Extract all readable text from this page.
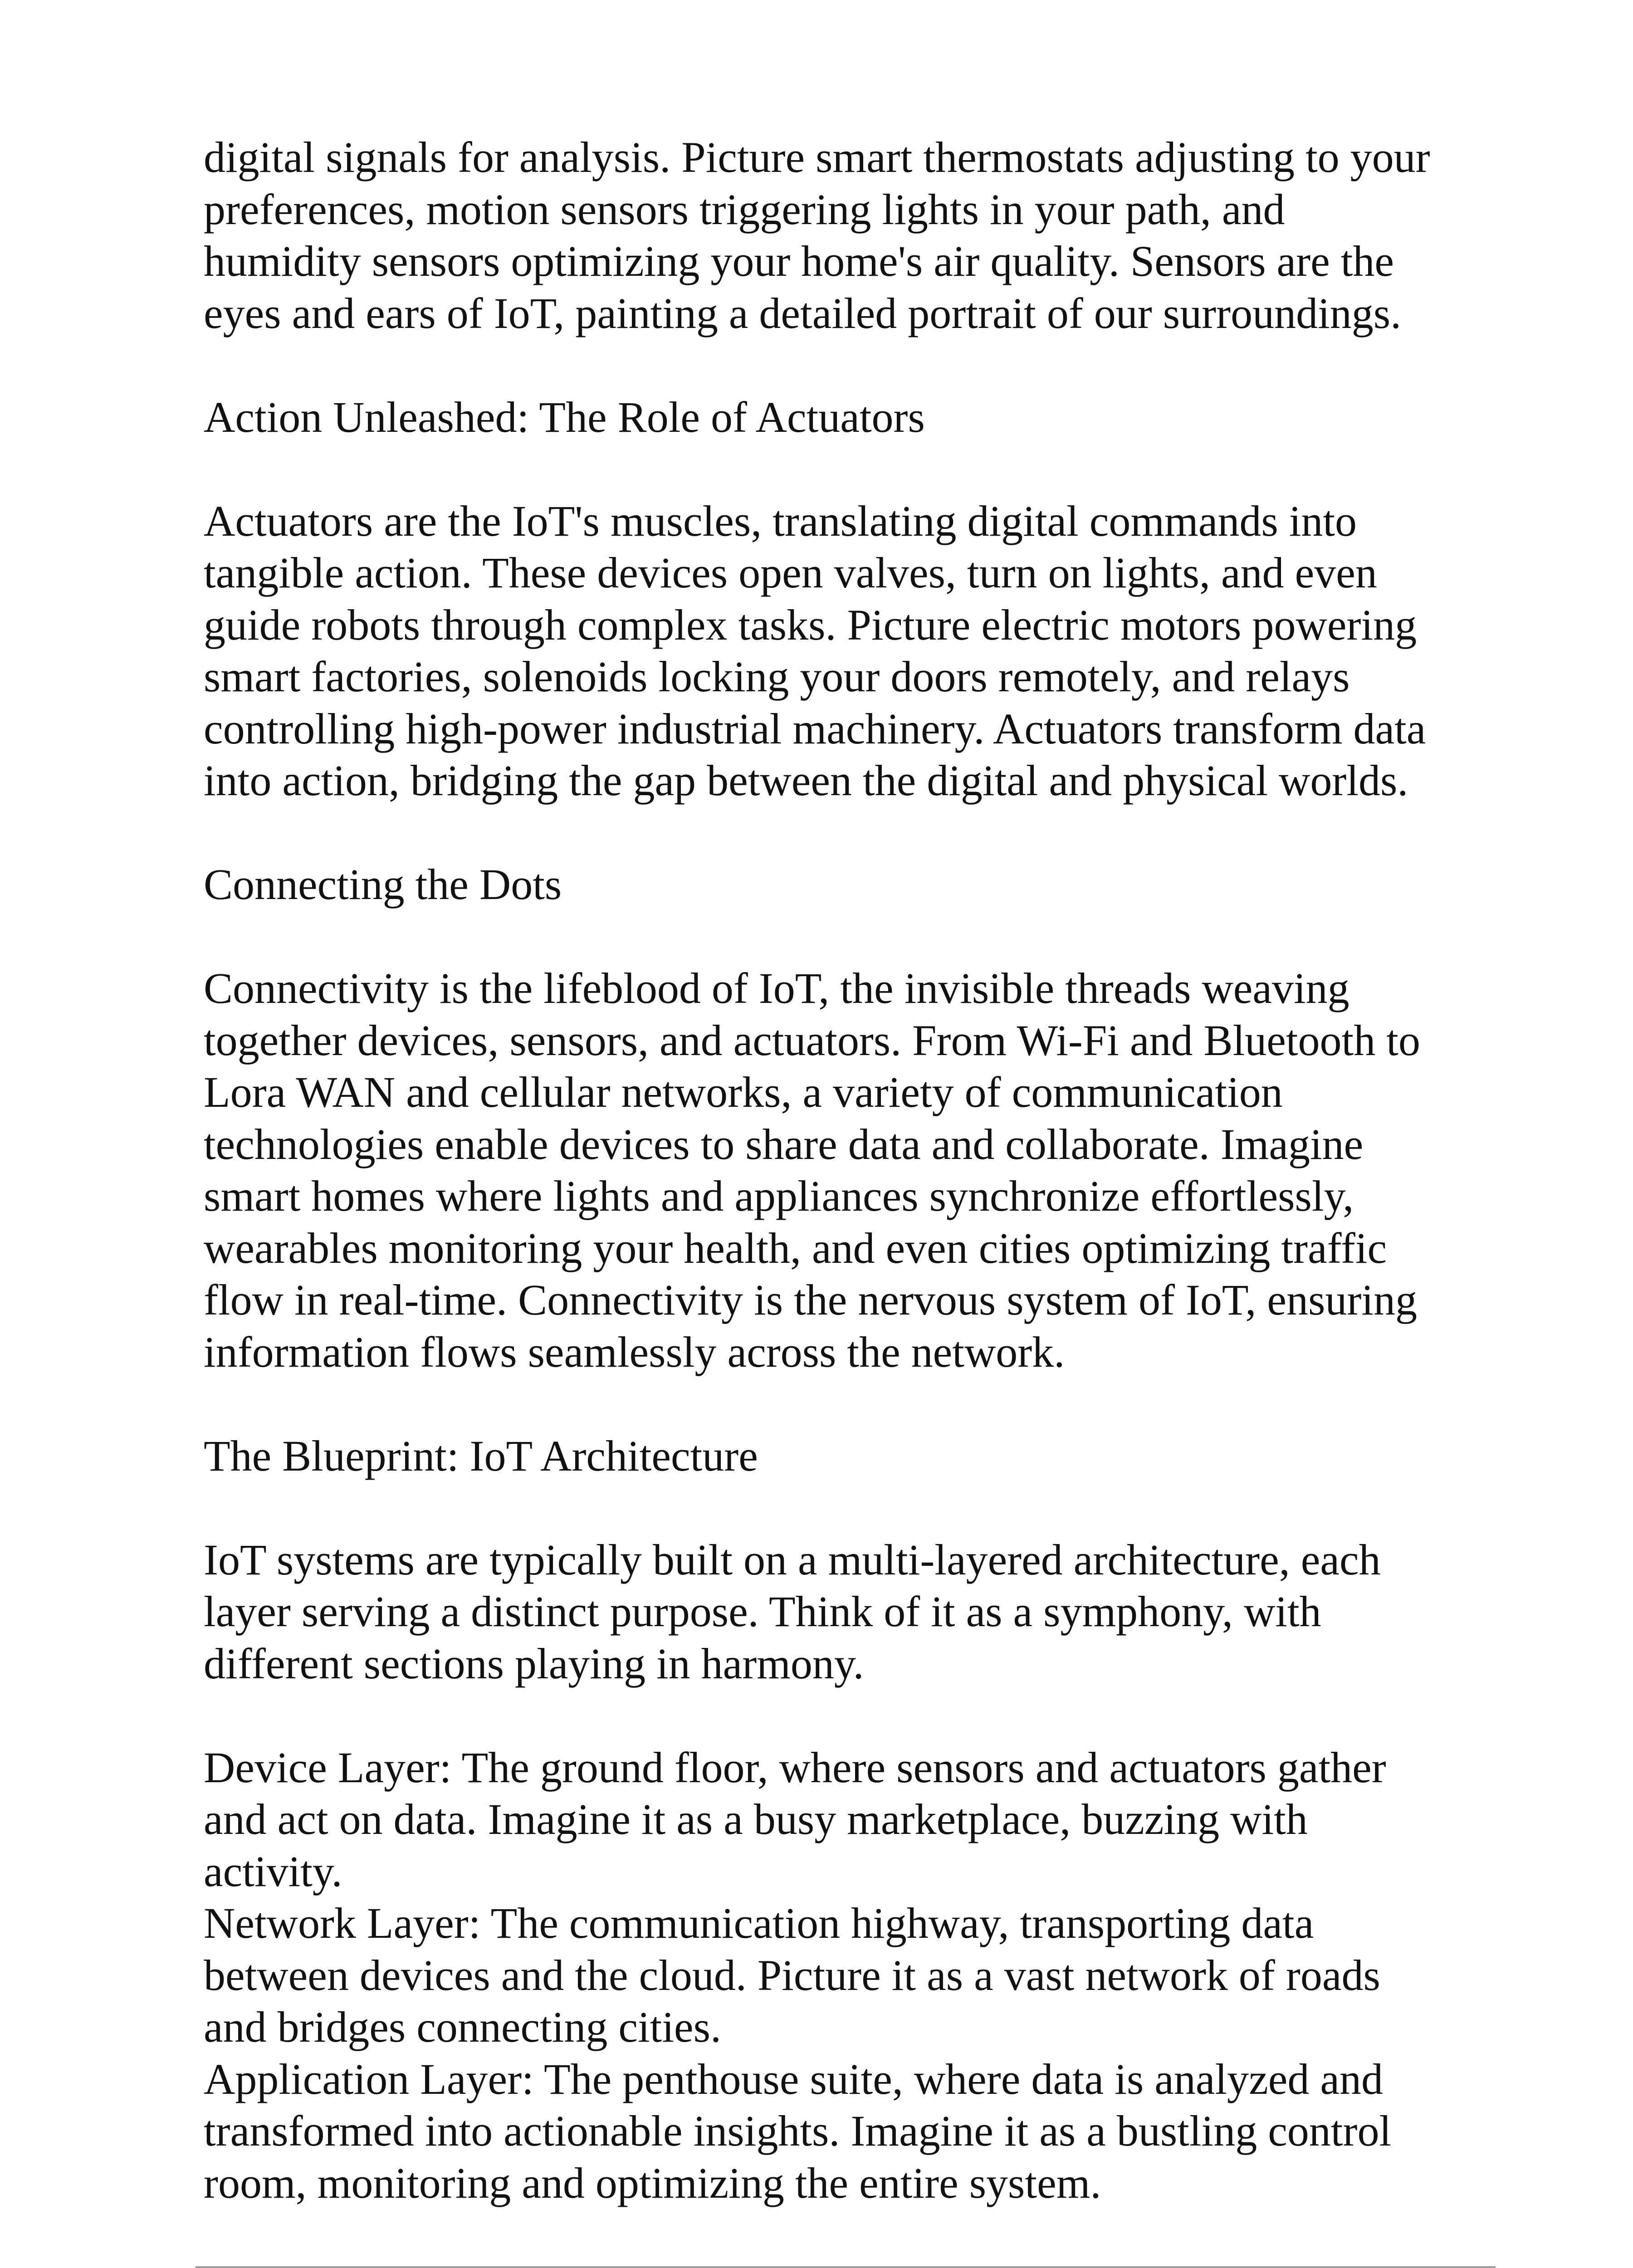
digital signals for analysis. Picture smart thermostats adjusting to your

preferences, motion sensors triggering lights in your path, and

humidity sensors optimizing your home's air quality. Sensors are the

eyes and ears of IoT, painting a detailed portrait of our surroundings.

Action Unleashed: The Role of Actuators

Actuators are the IoT's muscles, translating digital commands into

tangible action. These devices open valves, turn on lights, and even

guide robots through complex tasks. Picture electric motors powering

smart factories, solenoids locking your doors remotely, and relays

controlling high-power industrial machinery. Actuators transform data

into action, bridging the gap between the digital and physical worlds.

Connecting the Dots

Connectivity is the lifeblood of IoT, the invisible threads weaving

together devices, sensors, and actuators. From Wi-Fi and Bluetooth to

Lora WAN and cellular networks, a variety of communication

technologies enable devices to share data and collaborate. Imagine

smart homes where lights and appliances synchronize effortlessly,

wearables monitoring your health, and even cities optimizing traffic

flow in real-time. Connectivity is the nervous system of IoT, ensuring

information flows seamlessly across the network.

The Blueprint: IoT Architecture

IoT systems are typically built on a multi-layered architecture, each

layer serving a distinct purpose. Think of it as a symphony, with

different sections playing in harmony.

Device Layer: The ground floor, where sensors and actuators gather

and act on data. Imagine it as a busy marketplace, buzzing with

activity.

Network Layer: The communication highway, transporting data

between devices and the cloud. Picture it as a vast network of roads

and bridges connecting cities.

Application Layer: The penthouse suite, where data is analyzed and

transformed into actionable insights. Imagine it as a bustling control

room, monitoring and optimizing the entire system.
